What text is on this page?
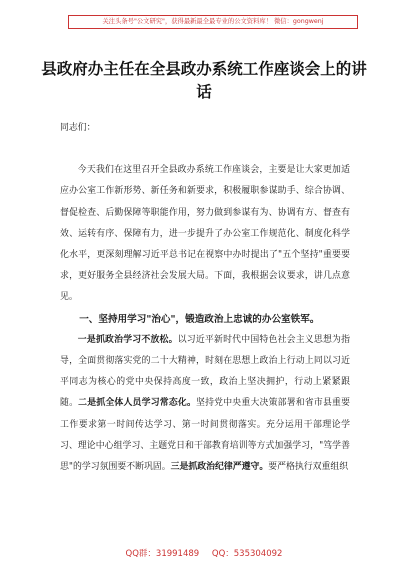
关注头条号"公文研究"，获得最新最全最专业的公文资料库！ 微信：gongwenj
县政府办主任在全县政办系统工作座谈会上的讲话

同志们：

今天我们在这里召开全县政办系统工作座谈会，主要是让大家更加适应办公室工作新形势、新任务和新要求，积极履职参谋助手、综合协调、督促检查、后勤保障等职能作用，努力做到参谋有为、协调有方、督查有效、运转有序、保障有力，进一步提升了办公室工作规范化、制度化科学化水平，更深刻理解习近平总书记在视察中办时提出了"五个坚持"重要要求，更好服务全县经济社会发展大局。下面，我根据会议要求，讲几点意见。

一、坚持用学习"治心"，锻造政治上忠诚的办公室铁军。

一是抓政治学习不放松。以习近平新时代中国特色社会主义思想为指导，全面贯彻落实党的二十大精神，时刻在思想上政治上行动上同以习近平同志为核心的党中央保持高度一致，政治上坚决拥护，行动上紧紧跟随。二是抓全体人员学习常态化。坚持党中央重大决策部署和省市县重要工作要求第一时间传达学习、第一时间贯彻落实。充分运用干部理论学习、理论中心组学习、主题党日和干部教育培训等方式加强学习，"笃学善思"的学习氛围要不断巩固。三是抓政治纪律严遵守。要严格执行双重组织

QQ群：31991489 QQ：535304092
